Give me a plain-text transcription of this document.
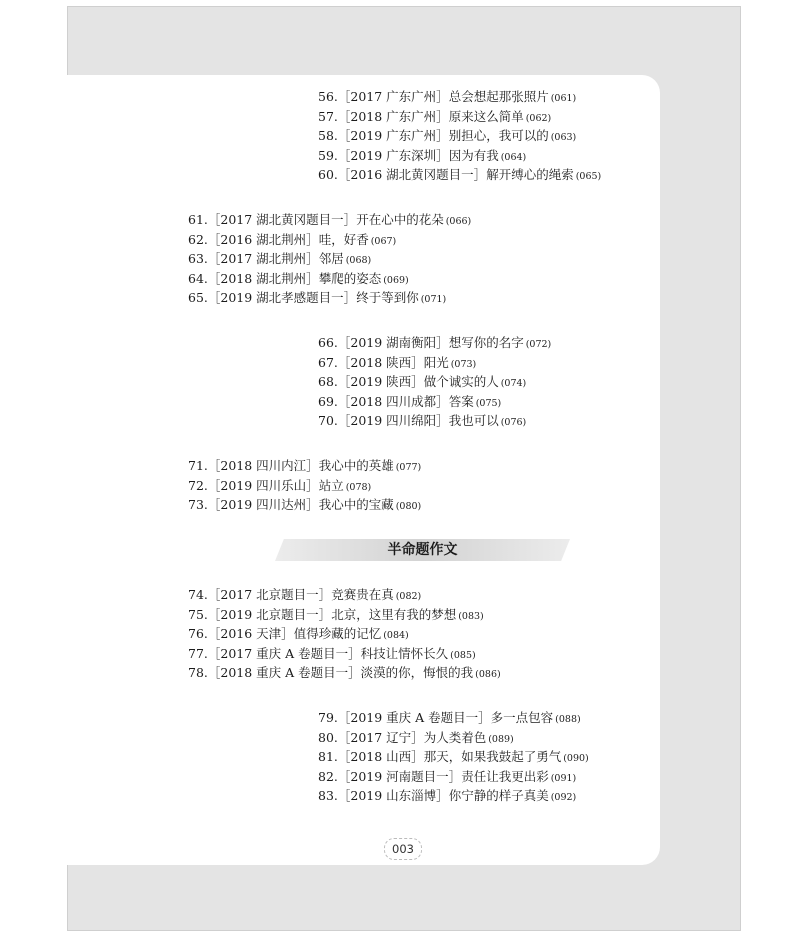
56.［2017 广东广州］总会想起那张照片 (061)
57.［2018 广东广州］原来这么简单 (062)
58.［2019 广东广州］别担心，我可以的 (063)
59.［2019 广东深圳］因为有我 (064)
60.［2016 湖北黄冈题目一］解开缚心的绳索 (065)
61.［2017 湖北黄冈题目一］开在心中的花朵 (066)
62.［2016 湖北荆州］哇，好香 (067)
63.［2017 湖北荆州］邻居 (068)
64.［2018 湖北荆州］攀爬的姿态 (069)
65.［2019 湖北孝感题目一］终于等到你 (071)
66.［2019 湖南衡阳］想写你的名字 (072)
67.［2018 陕西］阳光 (073)
68.［2019 陕西］做个诚实的人 (074)
69.［2018 四川成都］答案 (075)
70.［2019 四川绵阳］我也可以 (076)
71.［2018 四川内江］我心中的英雄 (077)
72.［2019 四川乐山］站立 (078)
73.［2019 四川达州］我心中的宝藏 (080)
74.［2017 北京题目一］竞赛贵在真 (082)
75.［2019 北京题目一］北京，这里有我的梦想 (083)
76.［2016 天津］值得珍藏的记忆 (084)
77.［2017 重庆 A 卷题目一］科技让情怀长久 (085)
78.［2018 重庆 A 卷题目一］淡漠的你，悔恨的我 (086)
79.［2019 重庆 A 卷题目一］多一点包容 (088)
80.［2017 辽宁］为人类着色 (089)
81.［2018 山西］那天，如果我鼓起了勇气 (090)
82.［2019 河南题目一］责任让我更出彩 (091)
83.［2019 山东淄博］你宁静的样子真美 (092)
半命题作文
003
